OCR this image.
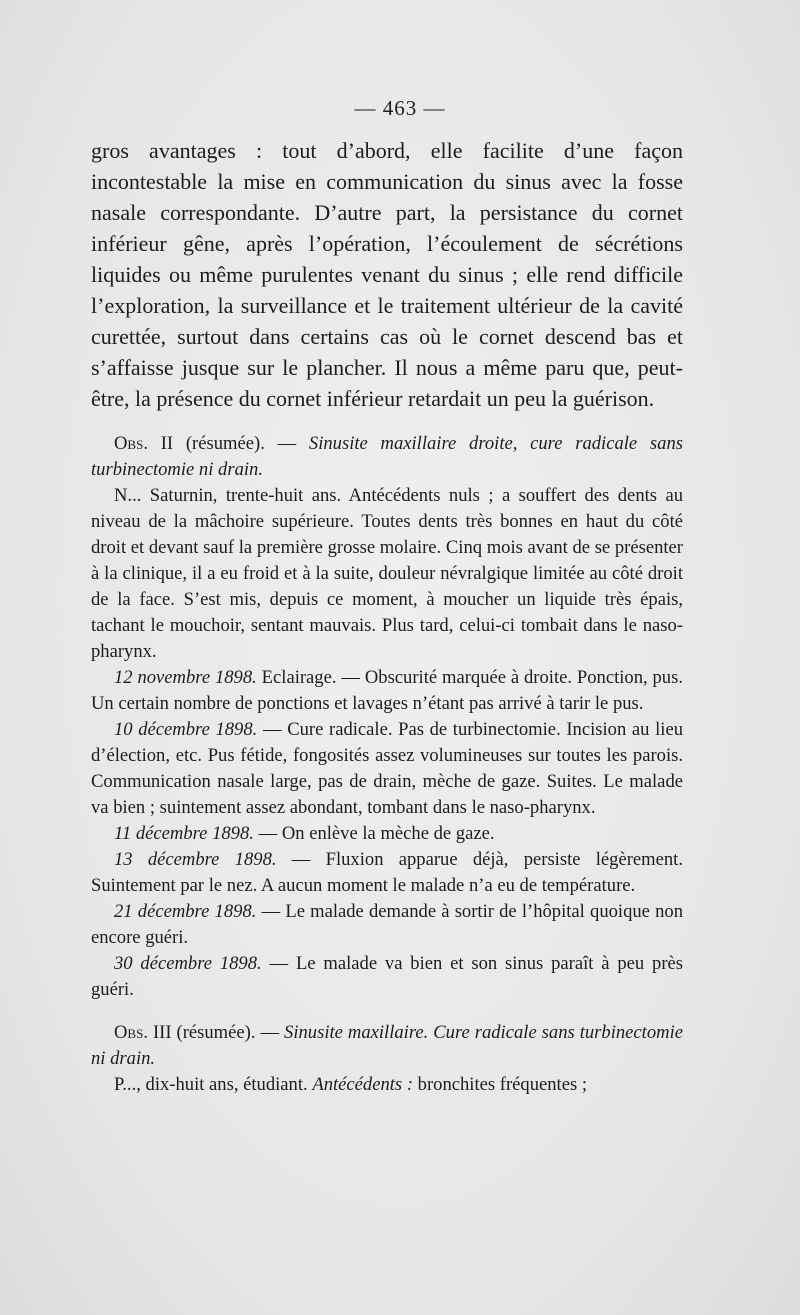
— 463 —

gros avantages : tout d’abord, elle facilite d’une façon incontestable la mise en communication du sinus avec la fosse nasale correspondante. D’autre part, la persistance du cornet inférieur gêne, après l’opération, l’écoulement de sécrétions liquides ou même purulentes venant du sinus ; elle rend difficile l’exploration, la surveillance et le traitement ultérieur de la cavité curettée, surtout dans certains cas où le cornet descend bas et s’affaisse jusque sur le plancher. Il nous a même paru que, peut-être, la présence du cornet inférieur retardait un peu la guérison.

Obs. II (résumée). — Sinusite maxillaire droite, cure radicale sans turbinectomie ni drain.

N... Saturnin, trente-huit ans. Antécédents nuls ; a souffert des dents au niveau de la mâchoire supérieure. Toutes dents très bonnes en haut du côté droit et devant sauf la première grosse molaire. Cinq mois avant de se présenter à la clinique, il a eu froid et à la suite, douleur névralgique limitée au côté droit de la face. S’est mis, depuis ce moment, à moucher un liquide très épais, tachant le mouchoir, sentant mauvais. Plus tard, celui-ci tombait dans le naso-pharynx.

12 novembre 1898. Eclairage. — Obscurité marquée à droite. Ponction, pus. Un certain nombre de ponctions et lavages n’étant pas arrivé à tarir le pus.

10 décembre 1898. — Cure radicale. Pas de turbinectomie. Incision au lieu d’élection, etc. Pus fétide, fongosités assez volumineuses sur toutes les parois. Communication nasale large, pas de drain, mèche de gaze. Suites. Le malade va bien ; suintement assez abondant, tombant dans le naso-pharynx.

11 décembre 1898. — On enlève la mèche de gaze.

13 décembre 1898. — Fluxion apparue déjà, persiste légèrement. Suintement par le nez. A aucun moment le malade n’a eu de température.

21 décembre 1898. — Le malade demande à sortir de l’hôpital quoique non encore guéri.

30 décembre 1898. — Le malade va bien et son sinus paraît à peu près guéri.

Obs. III (résumée). — Sinusite maxillaire. Cure radicale sans turbinectomie ni drain.

P..., dix-huit ans, étudiant. Antécédents : bronchites fréquentes ;
